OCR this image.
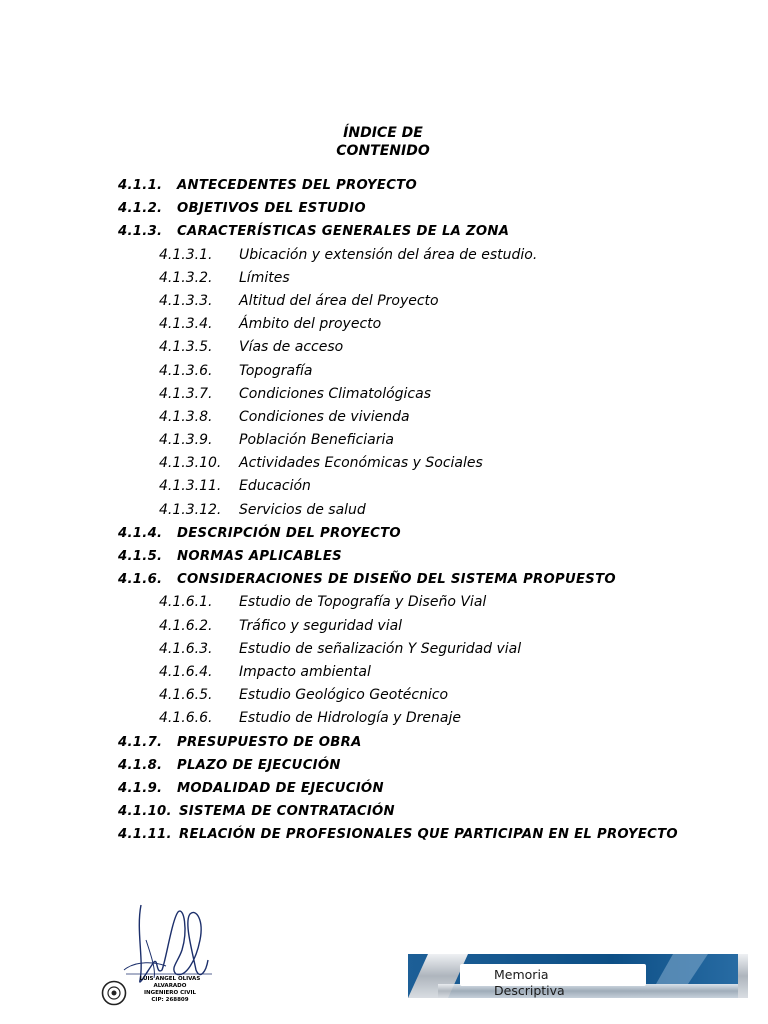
ÍNDICE DE
CONTENIDO
4.1.1. ANTECEDENTES DEL PROYECTO
4.1.2. OBJETIVOS DEL ESTUDIO
4.1.3. CARACTERÍSTICAS GENERALES DE LA ZONA
4.1.3.1. Ubicación y extensión del área de estudio.
4.1.3.2. Límites
4.1.3.3. Altitud del área del Proyecto
4.1.3.4. Ámbito del proyecto
4.1.3.5. Vías de acceso
4.1.3.6. Topografía
4.1.3.7. Condiciones Climatológicas
4.1.3.8. Condiciones de vivienda
4.1.3.9. Población Beneficiaria
4.1.3.10. Actividades Económicas y Sociales
4.1.3.11. Educación
4.1.3.12. Servicios de salud
4.1.4. DESCRIPCIÓN DEL PROYECTO
4.1.5. NORMAS APLICABLES
4.1.6. CONSIDERACIONES DE DISEÑO DEL SISTEMA PROPUESTO
4.1.6.1. Estudio de Topografía y Diseño Vial
4.1.6.2. Tráfico y seguridad vial
4.1.6.3. Estudio de señalización Y Seguridad vial
4.1.6.4. Impacto ambiental
4.1.6.5. Estudio Geológico Geotécnico
4.1.6.6. Estudio de Hidrología y Drenaje
4.1.7. PRESUPUESTO DE OBRA
4.1.8. PLAZO DE EJECUCIÓN
4.1.9. MODALIDAD DE EJECUCIÓN
4.1.10. SISTEMA DE CONTRATACIÓN
4.1.11. RELACIÓN DE PROFESIONALES QUE PARTICIPAN EN EL PROYECTO
LUIS ANGEL OLIVAS ALVARADO
INGENIERO CIVIL
CIP: 268809
Memoria
